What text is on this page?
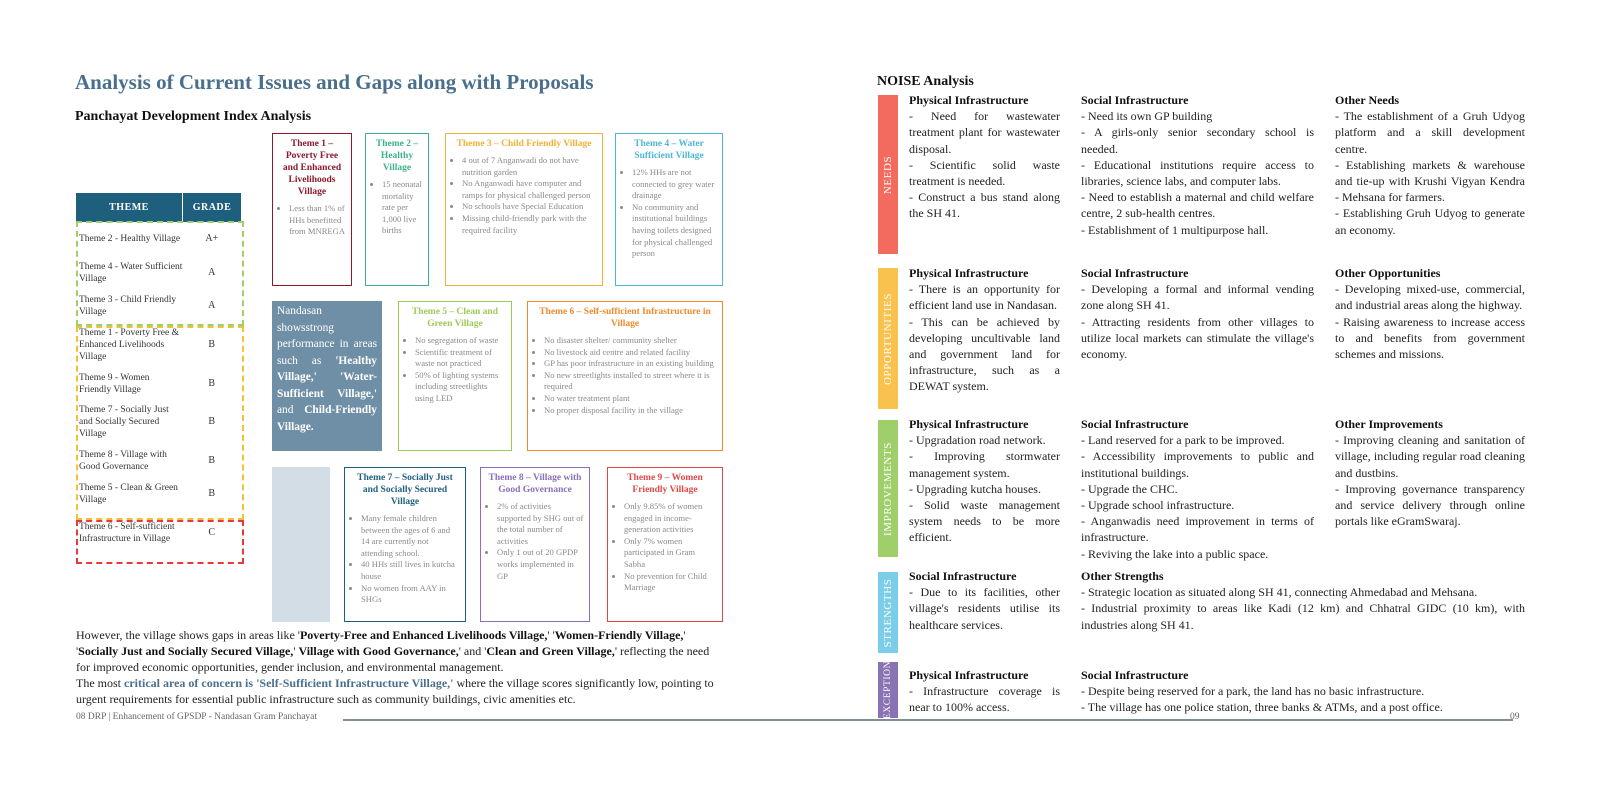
Analysis of Current Issues and Gaps along with Proposals
Panchayat Development Index Analysis
THEME	GRADE
Theme 2 - Healthy Village	A+
Theme 4 - Water Sufficient Village	A
Theme 3 - Child Friendly Village	A
Theme 1 - Poverty Free & Enhanced Livelihoods Village	B
Theme 9 - Women Friendly Village	B
Theme 7 - Socially Just and Socially Secured Village	B
Theme 8 - Village with Good Governance	B
Theme 5 - Clean & Green Village	B
Theme 6 - Self-sufficient Infrastructure in Village	C
Theme 1 – Poverty Free and Enhanced Livelihoods Village
• Less than 1% of HHs benefitted from MNREGA
Theme 2 – Healthy Village
• 15 neonatal mortality rate per 1,000 live births
Theme 3 – Child Friendly Village
• 4 out of 7 Anganwadi do not have nutrition garden
• No Anganwadi have computer and ramps for physical challenged person
• No schools have Special Education
• Missing child-friendly park with the required facility
Theme 4 – Water Sufficient Village
• 12% HHs are not connected to grey water drainage
• No community and institutional buildings having toilets designed for physical challenged person
Nandasan showsstrong performance in areas such as 'Healthy Village,' 'Water-Sufficient Village,' and Child-Friendly Village.
Theme 5 – Clean and Green Village
• No segregation of waste
• Scientific treatment of waste not practiced
• 50% of lighting systems including streetlights using LED
Theme 6 – Self-sufficient Infrastructure in Village
• No disaster shelter/ community shelter
• No livestock aid centre and related facility
• GP has poor infrastructure in an existing building
• No new streetlights installed to street where it is required
• No water treatment plant
• No proper disposal facility in the village
Theme 7 – Socially Just and Socially Secured Village
• Many female children between the ages of 6 and 14 are currently not attending school.
• 40 HHs still lives in kutcha house
• No women from AAY in SHGs
Theme 8 – Village with Good Governance
• 2% of activities supported by SHG out of the total number of activities
• Only 1 out of 20 GPDP works implemented in GP
Theme 9 – Women Friendly Village
• Only 9.85% of women engaged in income-generation activities
• Only 7% women participated in Gram Sabha
• No prevention for Child Marriage

However, the village shows gaps in areas like 'Poverty-Free and Enhanced Livelihoods Village,' 'Women-Friendly Village,' 'Socially Just and Socially Secured Village,' Village with Good Governance,' and 'Clean and Green Village,' reflecting the need for improved economic opportunities, gender inclusion, and environmental management.

The most critical area of concern is 'Self-Sufficient Infrastructure Village,' where the village scores significantly low, pointing to urgent requirements for essential public infrastructure such as community buildings, civic amenities etc.

08 DRP | Enhancement of GPSDP - Nandasan Gram Panchayat	09
NOISE Analysis
NEEDS
Physical Infrastructure
- Need for wastewater treatment plant for wastewater disposal.
- Scientific solid waste treatment is needed.
- Construct a bus stand along the SH 41.
Social Infrastructure
- Need its own GP building
- A girls-only senior secondary school is needed.
- Educational institutions require access to libraries, science labs, and computer labs.
- Need to establish a maternal and child welfare centre, 2 sub-health centres.
- Establishment of 1 multipurpose hall.
Other Needs
- The establishment of a Gruh Udyog platform and a skill development centre.
- Establishing markets & warehouse and tie-up with Krushi Vigyan Kendra - Mehsana for farmers.
- Establishing Gruh Udyog to generate an economy.
OPPORTUNITIES
Physical Infrastructure
- There is an opportunity for efficient land use in Nandasan.
- This can be achieved by developing uncultivable land and government land for infrastructure, such as a DEWAT system.
Social Infrastructure
- Developing a formal and informal vending zone along SH 41.
- Attracting residents from other villages to utilize local markets can stimulate the village's economy.
Other Opportunities
- Developing mixed-use, commercial, and industrial areas along the highway.
- Raising awareness to increase access to and benefits from government schemes and missions.
IMPROVEMENTS
Physical Infrastructure
- Upgradation road network.
- Improving stormwater management system.
- Upgrading kutcha houses.
- Solid waste management system needs to be more efficient.
Social Infrastructure
- Land reserved for a park to be improved.
- Accessibility improvements to public and institutional buildings.
- Upgrade the CHC.
- Upgrade school infrastructure.
- Anganwadis need improvement in terms of infrastructure.
- Reviving the lake into a public space.
Other Improvements
- Improving cleaning and sanitation of village, including regular road cleaning and dustbins.
- Improving governance transparency and service delivery through online portals like eGramSwaraj.
STRENGTHS
Social Infrastructure
- Due to its facilities, other village's residents utilise its healthcare services.
Other Strengths
- Strategic location as situated along SH 41, connecting Ahmedabad and Mehsana.
- Industrial proximity to areas like Kadi (12 km) and Chhatral GIDC (10 km), with industries along SH 41.
EXCEPTION Physical Infrastructure
- Infrastructure coverage is near to 100% access.
Social Infrastructure
- Despite being reserved for a park, the land has no basic infrastructure.
- The village has one police station, three banks & ATMs, and a post office.
